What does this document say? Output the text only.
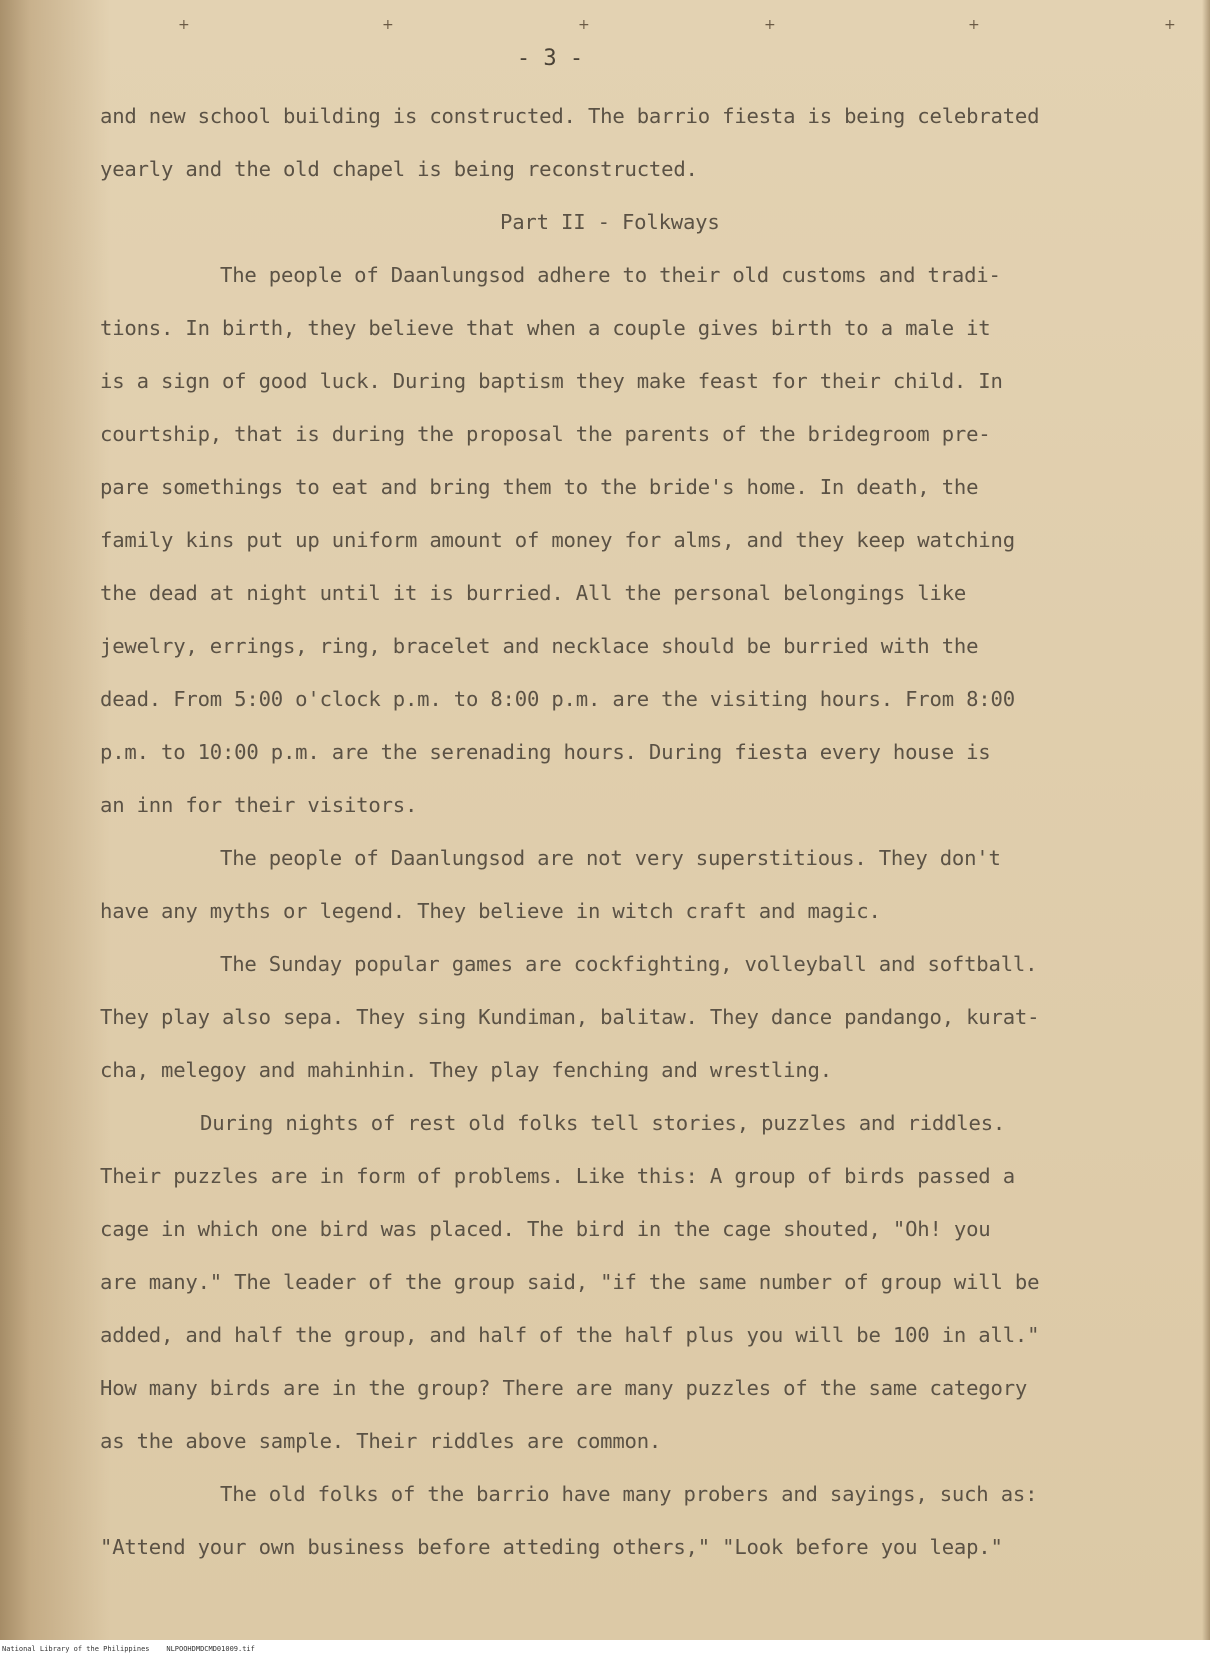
+	+	+	+	+	+
- 3 -
and new school building is constructed. The barrio fiesta is being celebrated
yearly and the old chapel is being reconstructed.
Part II - Folkways
The people of Daanlungsod adhere to their old customs and tradi-
tions. In birth, they believe that when a couple gives birth to a male it
is a sign of good luck. During baptism they make feast for their child. In
courtship, that is during the proposal the parents of the bridegroom pre-
pare somethings to eat and bring them to the bride's home. In death, the
family kins put up uniform amount of money for alms, and they keep watching
the dead at night until it is burried. All the personal belongings like
jewelry, errings, ring, bracelet and necklace should be burried with the
dead. From 5:00 o'clock p.m. to 8:00 p.m. are the visiting hours. From 8:00
p.m. to 10:00 p.m. are the serenading hours. During fiesta every house is
an inn for their visitors.
The people of Daanlungsod are not very superstitious. They don't
have any myths or legend. They believe in witch craft and magic.
The Sunday popular games are cockfighting, volleyball and softball.
They play also sepa. They sing Kundiman, balitaw. They dance pandango, kurat-
cha, melegoy and mahinhin. They play fenching and wrestling.
During nights of rest old folks tell stories, puzzles and riddles.
Their puzzles are in form of problems. Like this: A group of birds passed a
cage in which one bird was placed. The bird in the cage shouted, "Oh! you
are many." The leader of the group said, "if the same number of group will be
added, and half the group, and half of the half plus you will be 100 in all."
How many birds are in the group? There are many puzzles of the same category
as the above sample. Their riddles are common.
The old folks of the barrio have many probers and sayings, such as:
"Attend your own business before atteding others," "Look before you leap."
National Library of the Philippines    NLPOOHDMDCMD01009.tif
